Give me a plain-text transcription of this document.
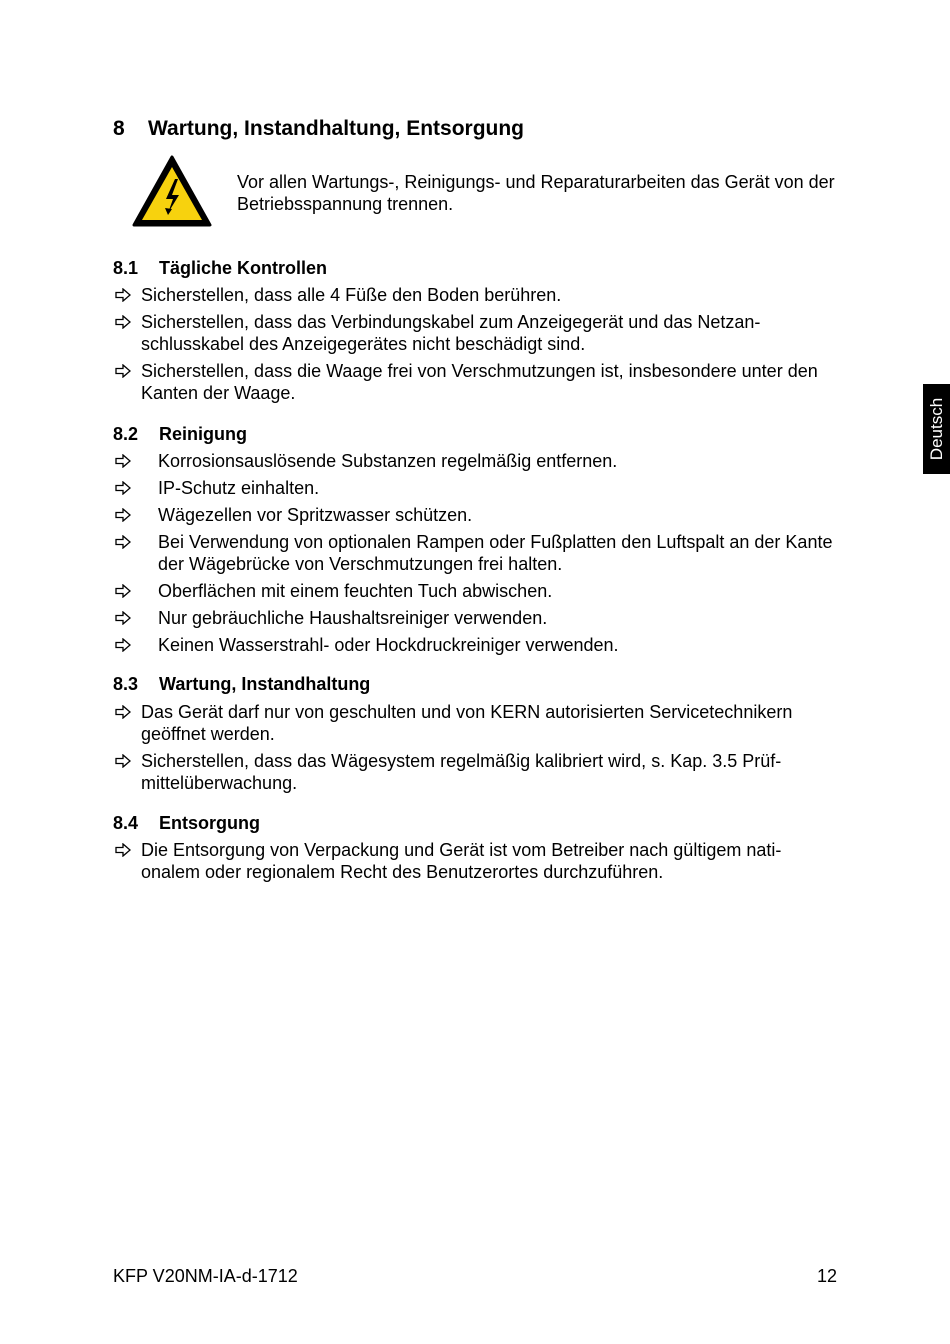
8 Wartung, Instandhaltung, Entsorgung
Vor allen Wartungs-, Reinigungs- und Reparaturarbeiten das Gerät von der Betriebsspannung trennen.
8.1 Tägliche Kontrollen
Sicherstellen, dass alle 4 Füße den Boden berühren.
Sicherstellen, dass das Verbindungskabel zum Anzeigegerät und das Netzan-
schlusskabel des Anzeigegerätes nicht beschädigt sind.
Sicherstellen, dass die Waage frei von Verschmutzungen ist, insbesondere unter den Kanten der Waage.
8.2 Reinigung
Korrosionsauslösende Substanzen regelmäßig entfernen.
IP-Schutz einhalten.
Wägezellen vor Spritzwasser schützen.
Bei Verwendung von optionalen Rampen oder Fußplatten den Luftspalt an der Kante der Wägebrücke von Verschmutzungen frei halten.
Oberflächen mit einem feuchten Tuch abwischen.
Nur gebräuchliche Haushaltsreiniger verwenden.
Keinen Wasserstrahl- oder Hockdruckreiniger verwenden.
8.3 Wartung, Instandhaltung
Das Gerät darf nur von geschulten und von KERN autorisierten Servicetechnikern geöffnet werden.
Sicherstellen, dass das Wägesystem regelmäßig kalibriert wird, s. Kap. 3.5 Prüf-
mittelüberwachung.
8.4 Entsorgung
Die Entsorgung von Verpackung und Gerät ist vom Betreiber nach gültigem nati-
onalem oder regionalem Recht des Benutzerortes durchzuführen.
Deutsch
KFP V20NM-IA-d-1712	12
